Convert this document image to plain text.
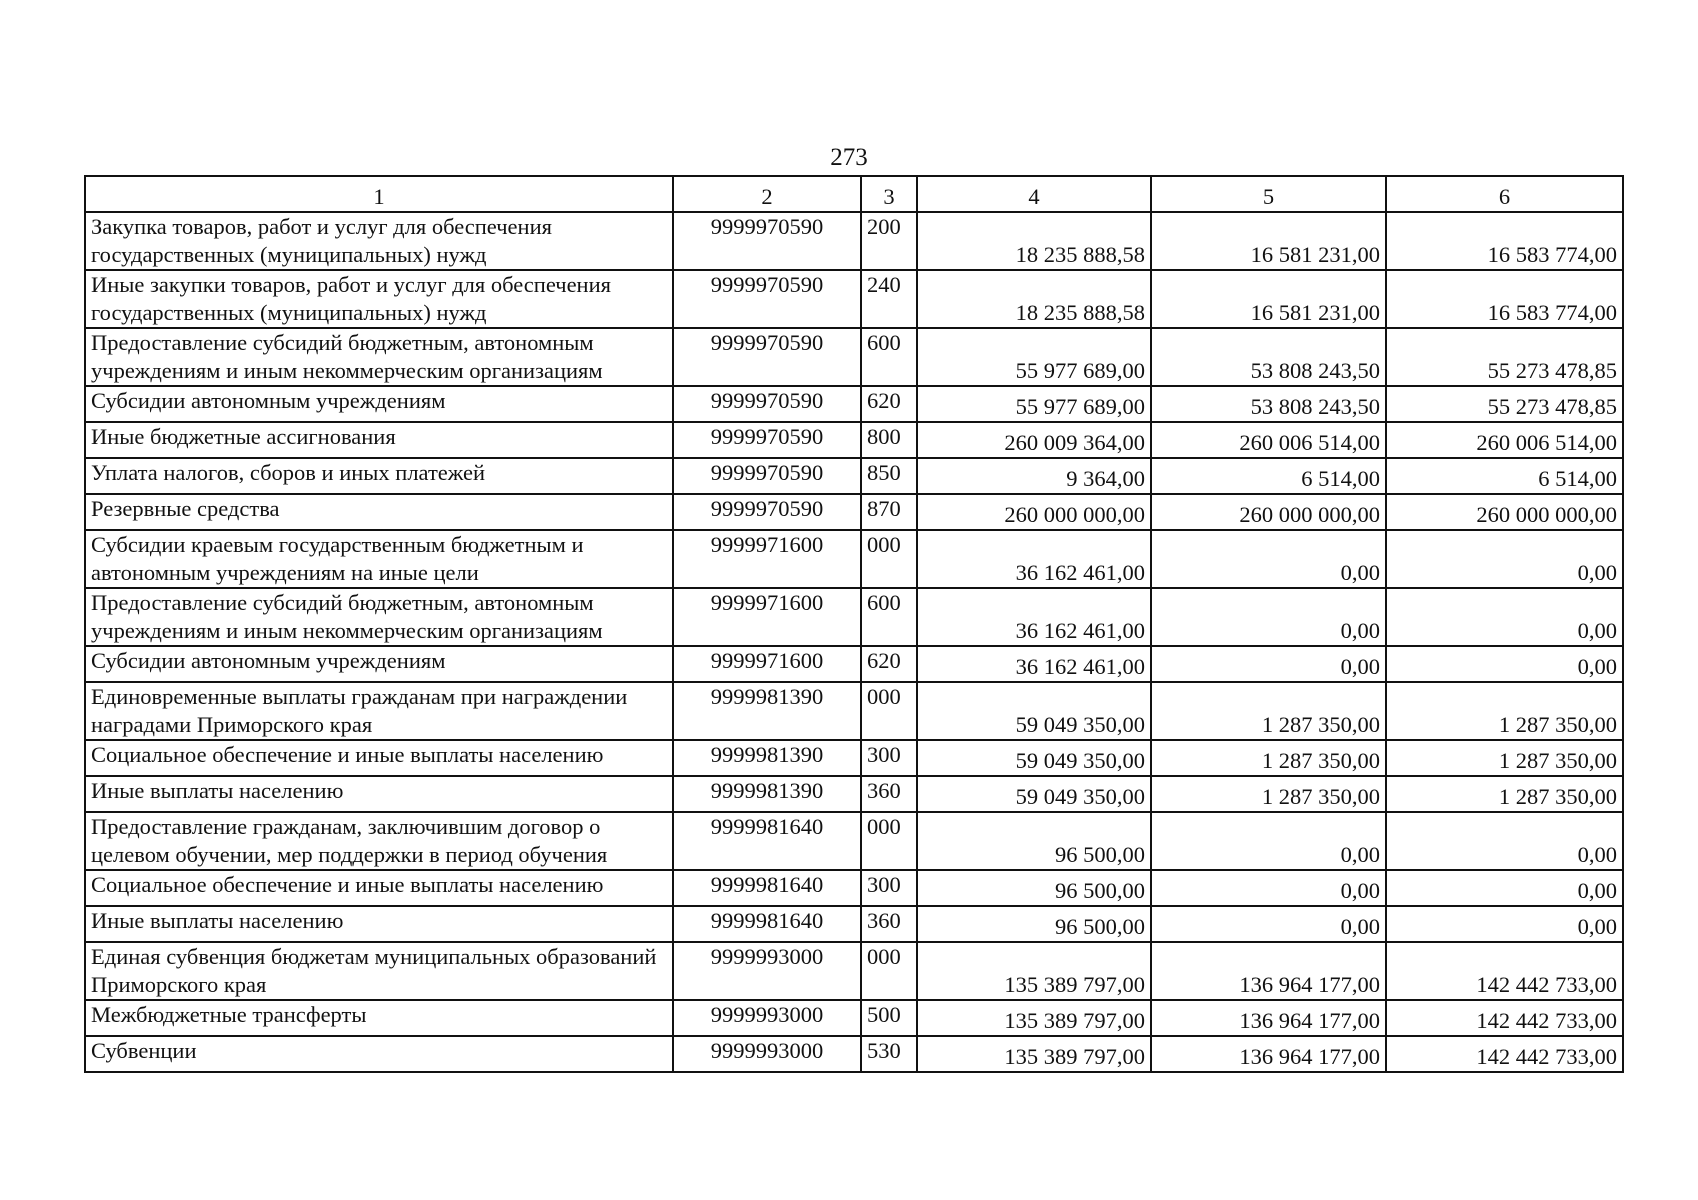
273
1	2	3	4	5	6
Закупка товаров, работ и услуг для обеспечения государственных (муниципальных) нужд	9999970590	200	18 235 888,58	16 581 231,00	16 583 774,00
Иные закупки товаров, работ и услуг для обеспечения государственных (муниципальных) нужд	9999970590	240	18 235 888,58	16 581 231,00	16 583 774,00
Предоставление субсидий бюджетным, автономным учреждениям и иным некоммерческим организациям	9999970590	600	55 977 689,00	53 808 243,50	55 273 478,85
Субсидии автономным учреждениям	9999970590	620	55 977 689,00	53 808 243,50	55 273 478,85
Иные бюджетные ассигнования	9999970590	800	260 009 364,00	260 006 514,00	260 006 514,00
Уплата налогов, сборов и иных платежей	9999970590	850	9 364,00	6 514,00	6 514,00
Резервные средства	9999970590	870	260 000 000,00	260 000 000,00	260 000 000,00
Субсидии краевым государственным бюджетным и автономным учреждениям на иные цели	9999971600	000	36 162 461,00	0,00	0,00
Предоставление субсидий бюджетным, автономным учреждениям и иным некоммерческим организациям	9999971600	600	36 162 461,00	0,00	0,00
Субсидии автономным учреждениям	9999971600	620	36 162 461,00	0,00	0,00
Единовременные выплаты гражданам при награждении наградами Приморского края	9999981390	000	59 049 350,00	1 287 350,00	1 287 350,00
Социальное обеспечение и иные выплаты населению	9999981390	300	59 049 350,00	1 287 350,00	1 287 350,00
Иные выплаты населению	9999981390	360	59 049 350,00	1 287 350,00	1 287 350,00
Предоставление гражданам, заключившим договор о целевом обучении, мер поддержки в период обучения	9999981640	000	96 500,00	0,00	0,00
Социальное обеспечение и иные выплаты населению	9999981640	300	96 500,00	0,00	0,00
Иные выплаты населению	9999981640	360	96 500,00	0,00	0,00
Единая субвенция бюджетам муниципальных образований Приморского края	9999993000	000	135 389 797,00	136 964 177,00	142 442 733,00
Межбюджетные трансферты	9999993000	500	135 389 797,00	136 964 177,00	142 442 733,00
Субвенции	9999993000	530	135 389 797,00	136 964 177,00	142 442 733,00
